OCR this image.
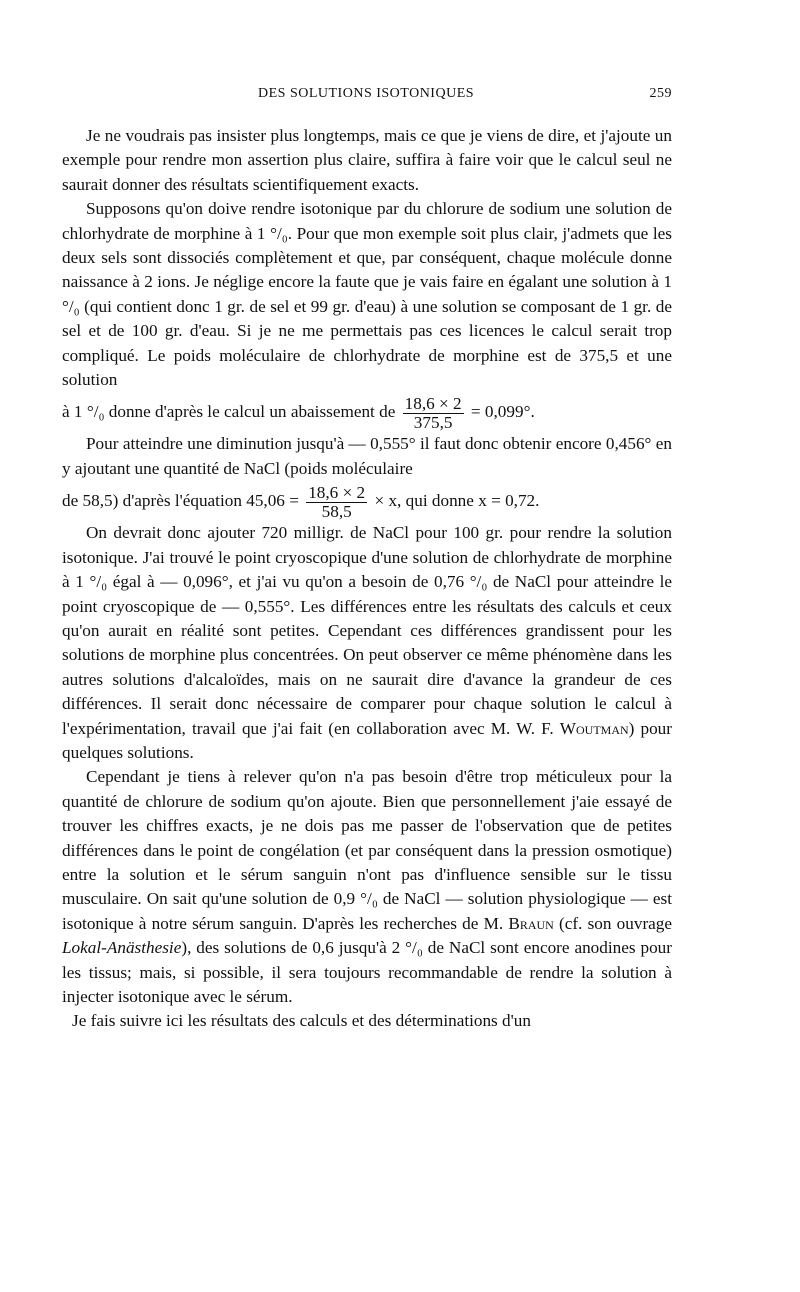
DES SOLUTIONS ISOTONIQUES	259

Je ne voudrais pas insister plus longtemps, mais ce que je viens de dire, et j'ajoute un exemple pour rendre mon assertion plus claire, suffira à faire voir que le calcul seul ne saurait donner des résultats scientifiquement exacts.

Supposons qu'on doive rendre isotonique par du chlorure de sodium une solution de chlorhydrate de morphine à 1 °/₀. Pour que mon exemple soit plus clair, j'admets que les deux sels sont dissociés complètement et que, par conséquent, chaque molécule donne naissance à 2 ions. Je néglige encore la faute que je vais faire en égalant une solution à 1 °/₀ (qui contient donc 1 gr. de sel et 99 gr. d'eau) à une solution se composant de 1 gr. de sel et de 100 gr. d'eau. Si je ne me permettais pas ces licences le calcul serait trop compliqué. Le poids moléculaire de chlorhydrate de morphine est de 375,5 et une solution
à 1 °/₀ donne d'après le calcul un abaissement de $\frac{18,6 \times 2}{375,5} = 0,099^\circ$.

Pour atteindre une diminution jusqu'à — 0,555° il faut donc obtenir encore 0,456° en y ajoutant une quantité de NaCl (poids moléculaire
de 58,5) d'après l'équation $45,06 = \frac{18,6 \times 2}{58,5} \times x$, qui donne x = 0,72.

On devrait donc ajouter 720 milligr. de NaCl pour 100 gr. pour rendre la solution isotonique. J'ai trouvé le point cryoscopique d'une solution de chlorhydrate de morphine à 1 °/₀ égal à — 0,096°, et j'ai vu qu'on a besoin de 0,76 °/₀ de NaCl pour atteindre le point cryoscopique de — 0,555°. Les différences entre les résultats des calculs et ceux qu'on aurait en réalité sont petites. Cependant ces différences grandissent pour les solutions de morphine plus concentrées. On peut observer ce même phénomène dans les autres solutions d'alcaloïdes, mais on ne saurait dire d'avance la grandeur de ces différences. Il serait donc nécessaire de comparer pour chaque solution le calcul à l'expérimentation, travail que j'ai fait (en collaboration avec M. W. F. Woutman) pour quelques solutions.

Cependant je tiens à relever qu'on n'a pas besoin d'être trop méticuleux pour la quantité de chlorure de sodium qu'on ajoute. Bien que personnellement j'aie essayé de trouver les chiffres exacts, je ne dois pas me passer de l'observation que de petites différences dans le point de congélation (et par conséquent dans la pression osmotique) entre la solution et le sérum sanguin n'ont pas d'influence sensible sur le tissu musculaire. On sait qu'une solution de 0,9 °/₀ de NaCl — solution physiologique — est isotonique à notre sérum sanguin. D'après les recherches de M. Braun (cf. son ouvrage Lokal-Anästhesie), des solutions de 0,6 jusqu'à 2 °/₀ de NaCl sont encore anodines pour les tissus; mais, si possible, il sera toujours recommandable de rendre la solution à injecter isotonique avec le sérum.

Je fais suivre ici les résultats des calculs et des déterminations d'un
